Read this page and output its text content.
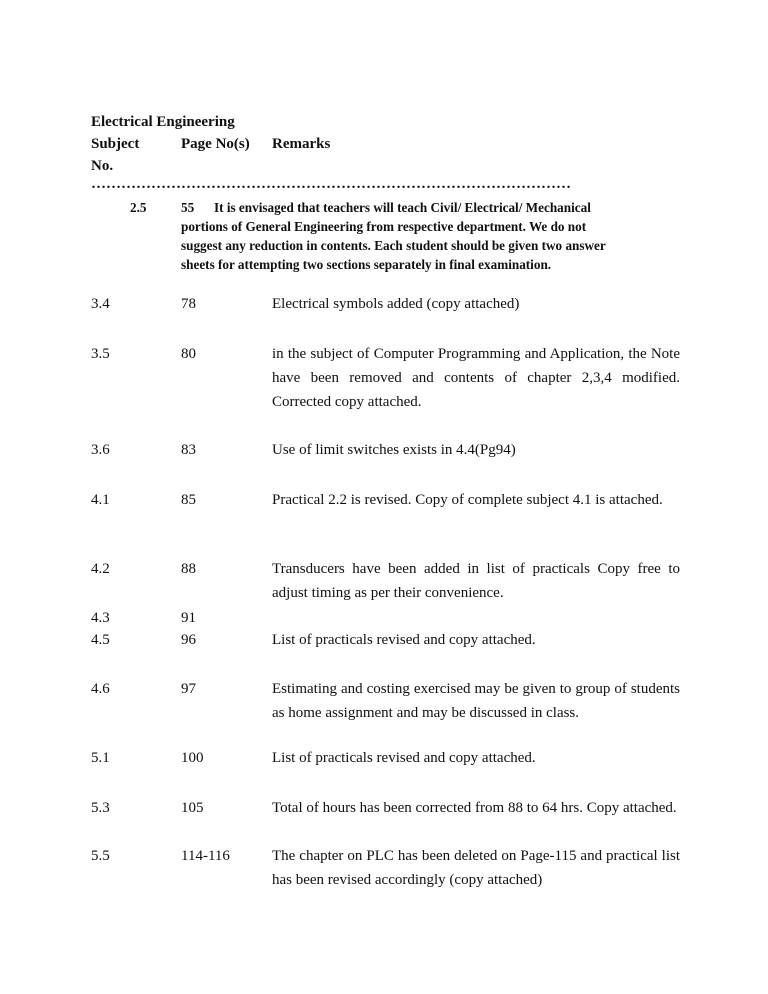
Electrical Engineering
Subject
No.
Page No(s) Remarks
……………………………………………………………………………………
2.5	55 It is envisaged that teachers will teach Civil/ Electrical/ Mechanical
portions of General Engineering from respective department. We do not
suggest any reduction in contents. Each student should be given two answer
sheets for attempting two sections separately in final examination.
3.4	78	Electrical symbols added (copy attached)
3.5	80	in the subject of Computer Programming and Application, the Note have been removed and contents of chapter 2,3,4 modified. Corrected copy attached.
3.6	83	Use of limit switches exists in 4.4(Pg94)
4.1	85	Practical 2.2 is revised. Copy of complete subject 4.1 is attached.
4.2	88	Transducers have been added in list of practicals Copy free to adjust timing as per their convenience.
4.3	91
4.5	96	List of practicals revised and copy attached.
4.6	97	Estimating and costing exercised may be given to group of students as home assignment and may be discussed in class.
5.1	100	List of practicals revised and copy attached.
5.3	105	Total of hours has been corrected from 88 to 64 hrs. Copy attached.
5.5	114-116	The chapter on PLC has been deleted on Page-115 and practical list has been revised accordingly (copy attached)
